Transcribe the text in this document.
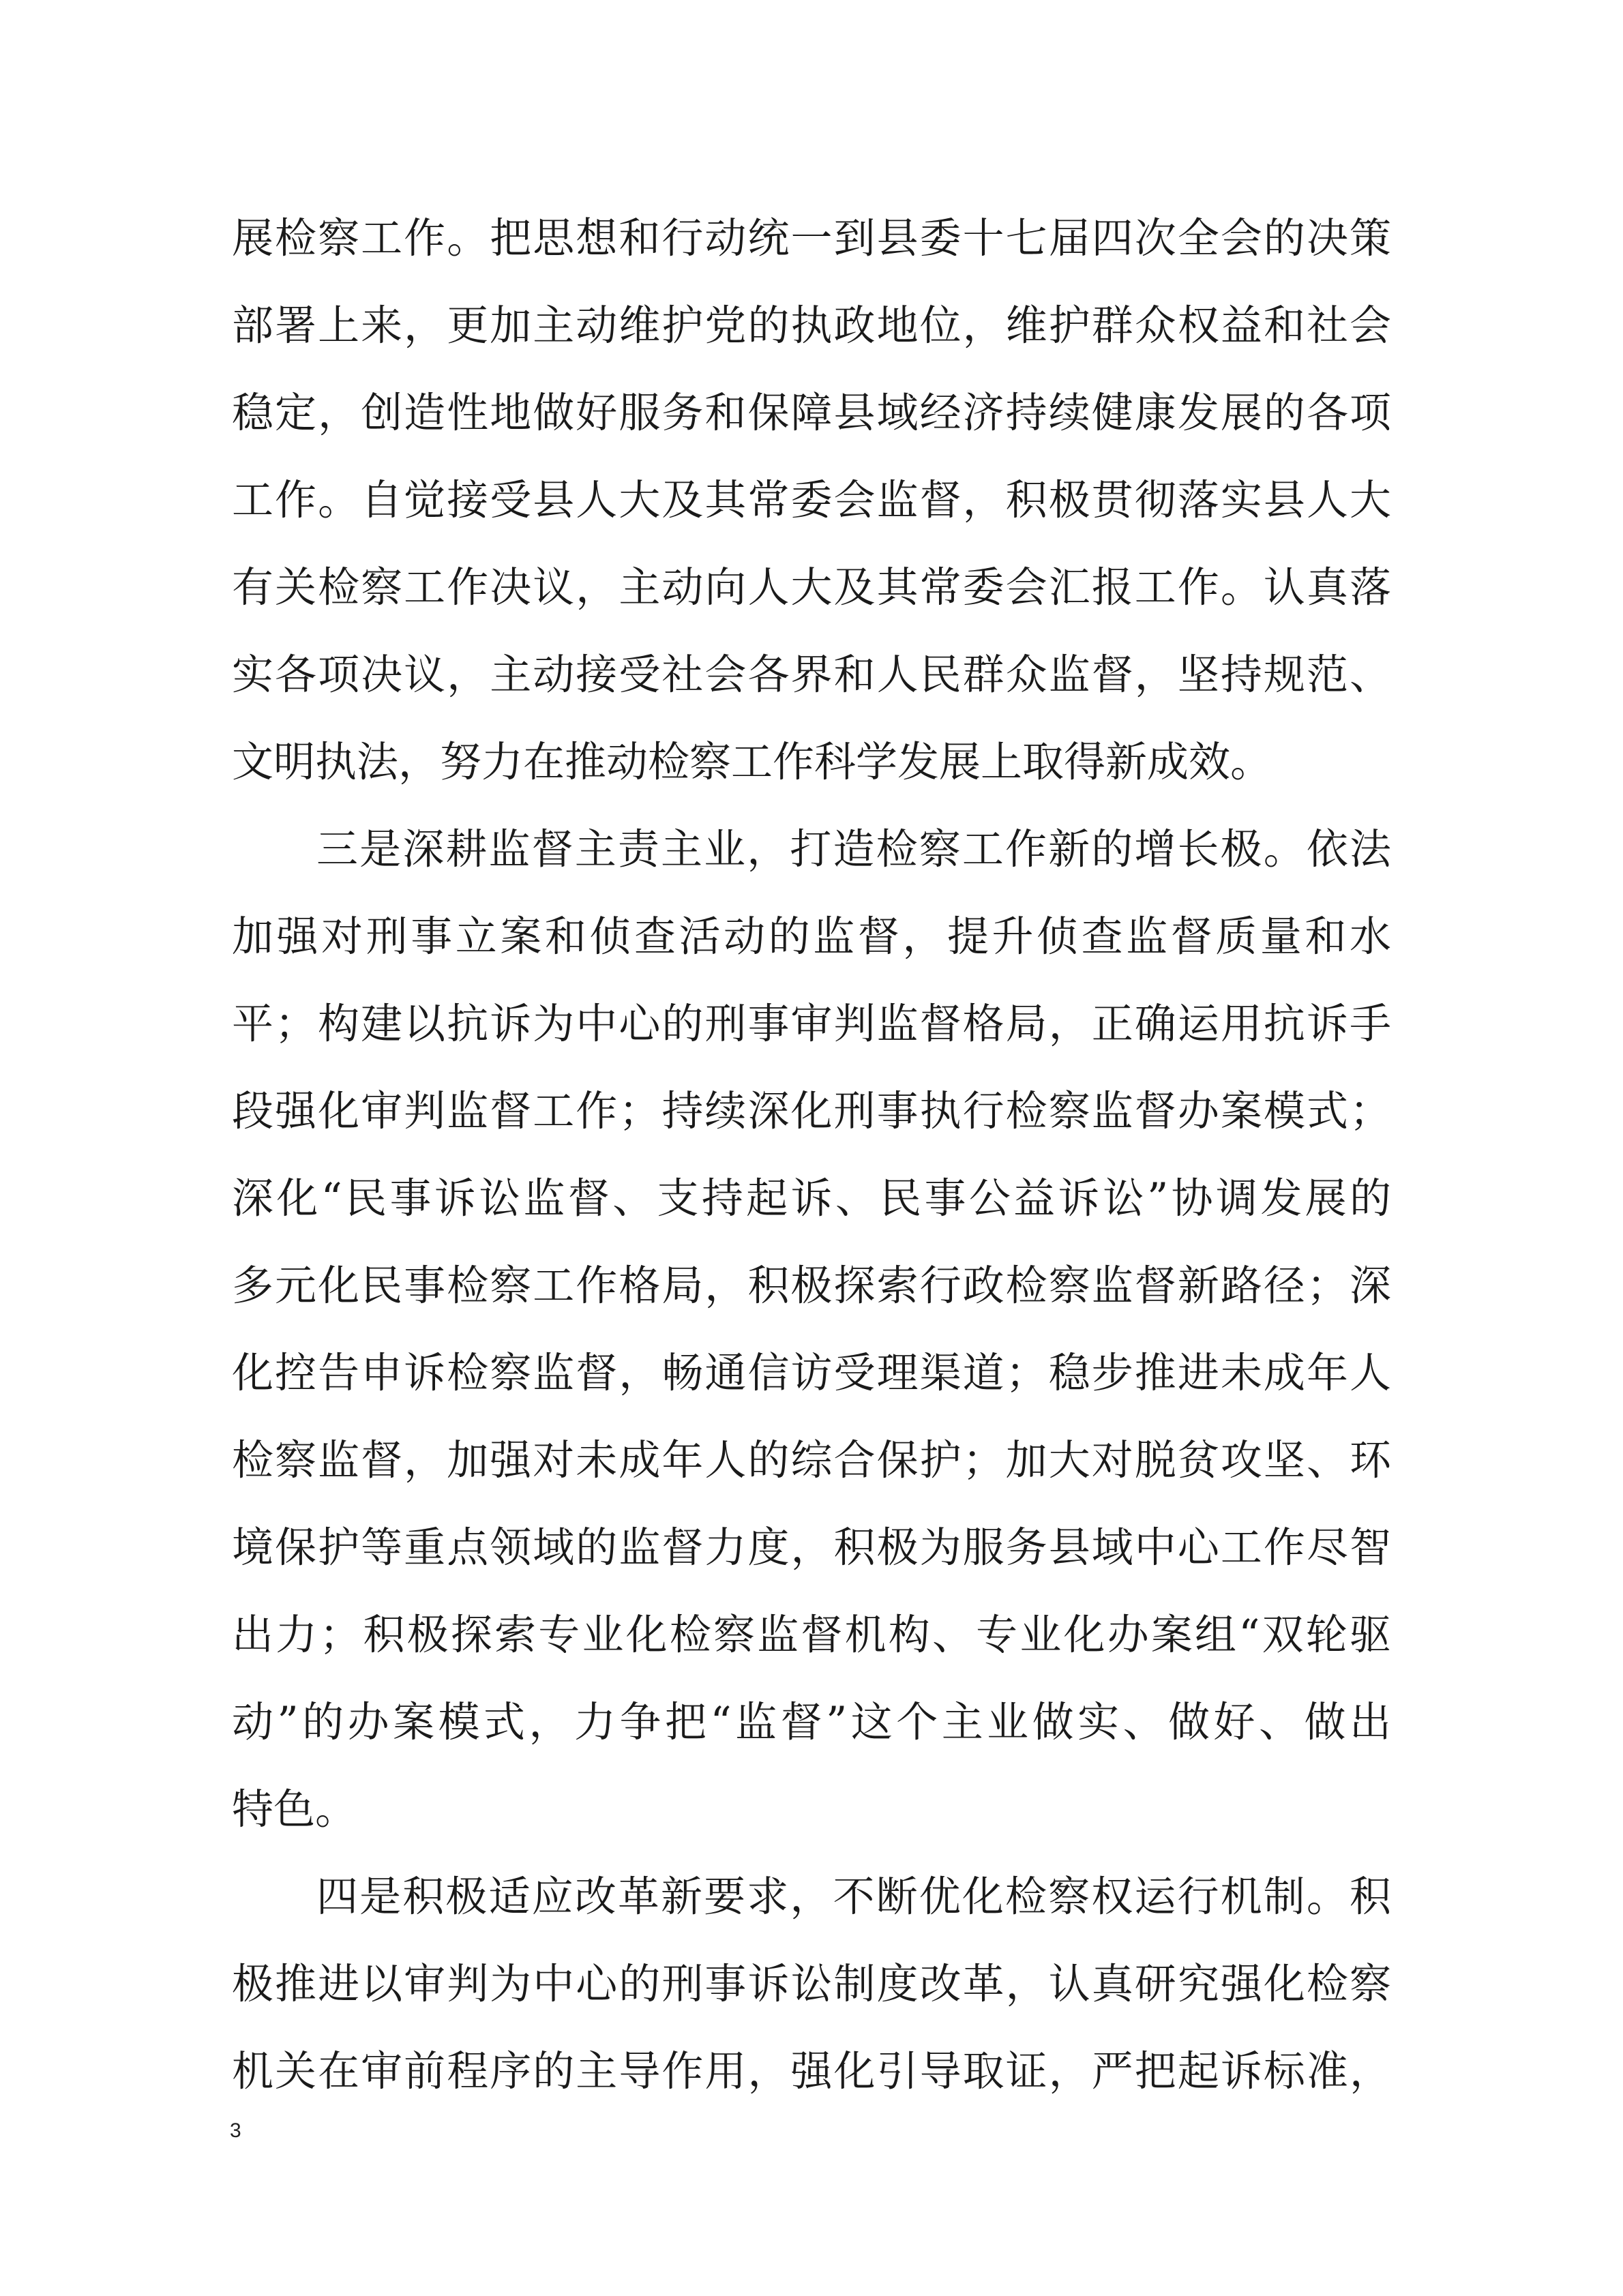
展检察工作。把思想和行动统一到县委十七届四次全会的决策
部署上来，更加主动维护党的执政地位，维护群众权益和社会
稳定，创造性地做好服务和保障县域经济持续健康发展的各项
工作。自觉接受县人大及其常委会监督，积极贯彻落实县人大
有关检察工作决议，主动向人大及其常委会汇报工作。认真落
实各项决议，主动接受社会各界和人民群众监督，坚持规范、
文明执法，努力在推动检察工作科学发展上取得新成效。
三是深耕监督主责主业，打造检察工作新的增长极。依法
加强对刑事立案和侦查活动的监督，提升侦查监督质量和水
平；构建以抗诉为中心的刑事审判监督格局，正确运用抗诉手
段强化审判监督工作；持续深化刑事执行检察监督办案模式；
深化“民事诉讼监督、支持起诉、民事公益诉讼”协调发展的
多元化民事检察工作格局，积极探索行政检察监督新路径；深
化控告申诉检察监督，畅通信访受理渠道；稳步推进未成年人
检察监督，加强对未成年人的综合保护；加大对脱贫攻坚、环
境保护等重点领域的监督力度，积极为服务县域中心工作尽智
出力；积极探索专业化检察监督机构、专业化办案组“双轮驱
动”的办案模式，力争把“监督”这个主业做实、做好、做出
特色。
四是积极适应改革新要求，不断优化检察权运行机制。积
极推进以审判为中心的刑事诉讼制度改革，认真研究强化检察
机关在审前程序的主导作用，强化引导取证，严把起诉标准，
3
